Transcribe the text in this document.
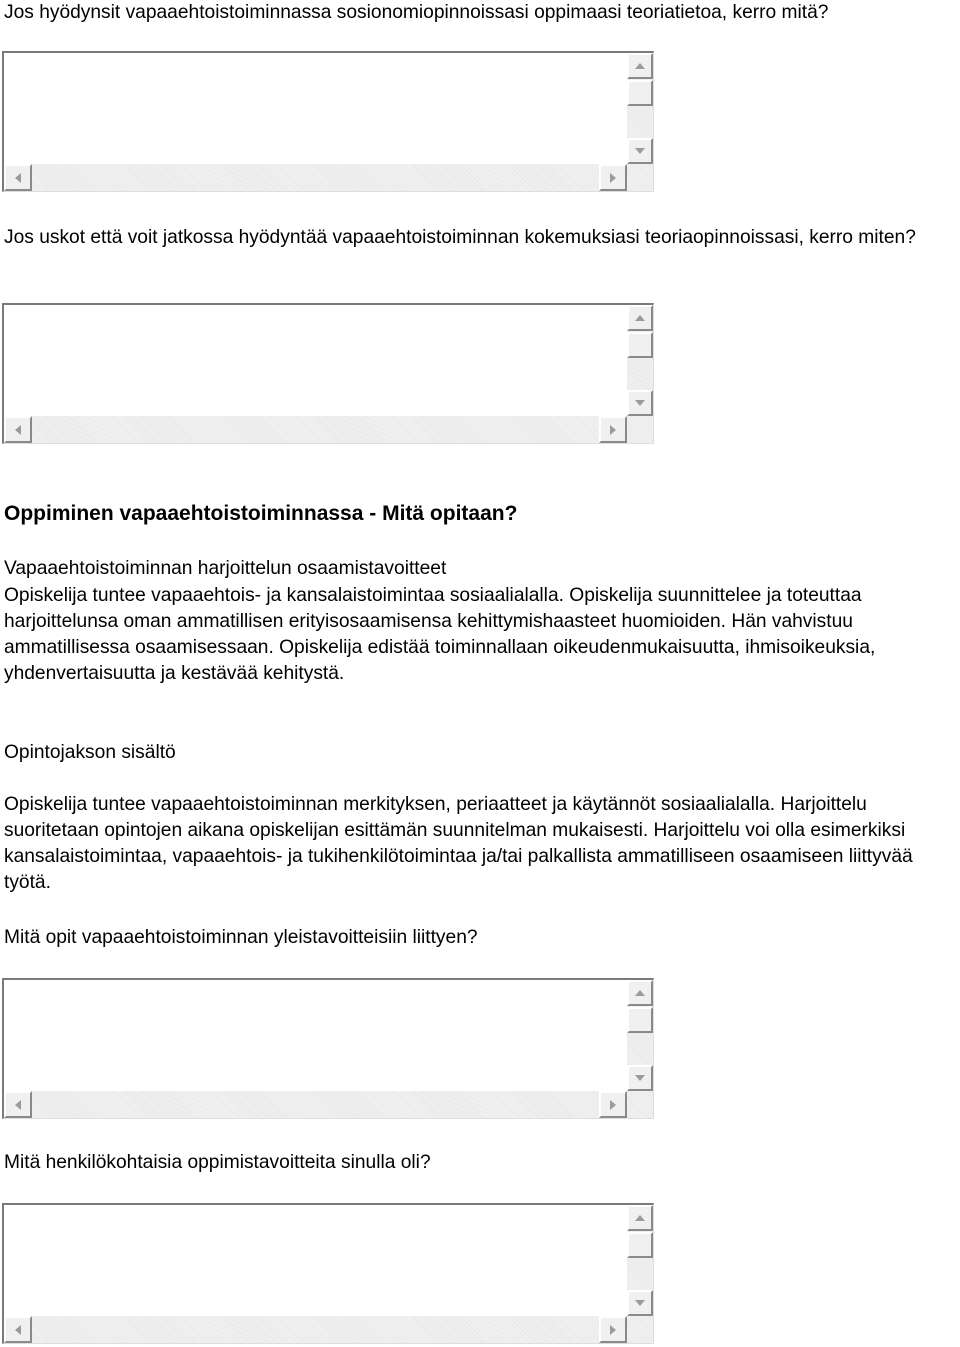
Jos hyödynsit vapaaehtoistoiminnassa sosionomiopinnoissasi oppimaasi teoriatietoa, kerro mitä?

Jos uskot että voit jatkossa hyödyntää vapaaehtoistoiminnan kokemuksiasi teoriaopinnoissasi, kerro miten?

Oppiminen vapaaehtoistoiminnassa - Mitä opitaan?

Vapaaehtoistoiminnan harjoittelun osaamistavoitteet

Opiskelija tuntee vapaaehtois- ja kansalaistoimintaa sosiaalialalla. Opiskelija suunnittelee ja toteuttaa harjoittelunsa oman ammatillisen erityisosaamisensa kehittymishaasteet huomioiden. Hän vahvistuu ammatillisessa osaamisessaan. Opiskelija edistää toiminnallaan oikeudenmukaisuutta, ihmisoikeuksia, yhdenvertaisuutta ja kestävää kehitystä.

Opintojakson sisältö

Opiskelija tuntee vapaaehtoistoiminnan merkityksen, periaatteet ja käytännöt sosiaalialalla. Harjoittelu suoritetaan opintojen aikana opiskelijan esittämän suunnitelman mukaisesti. Harjoittelu voi olla esimerkiksi kansalaistoimintaa, vapaaehtois- ja tukihenkilötoimintaa ja/tai palkallista ammatilliseen osaamiseen liittyvää työtä.

Mitä opit vapaaehtoistoiminnan yleistavoitteisiin liittyen?

Mitä henkilökohtaisia oppimistavoitteita sinulla oli?
